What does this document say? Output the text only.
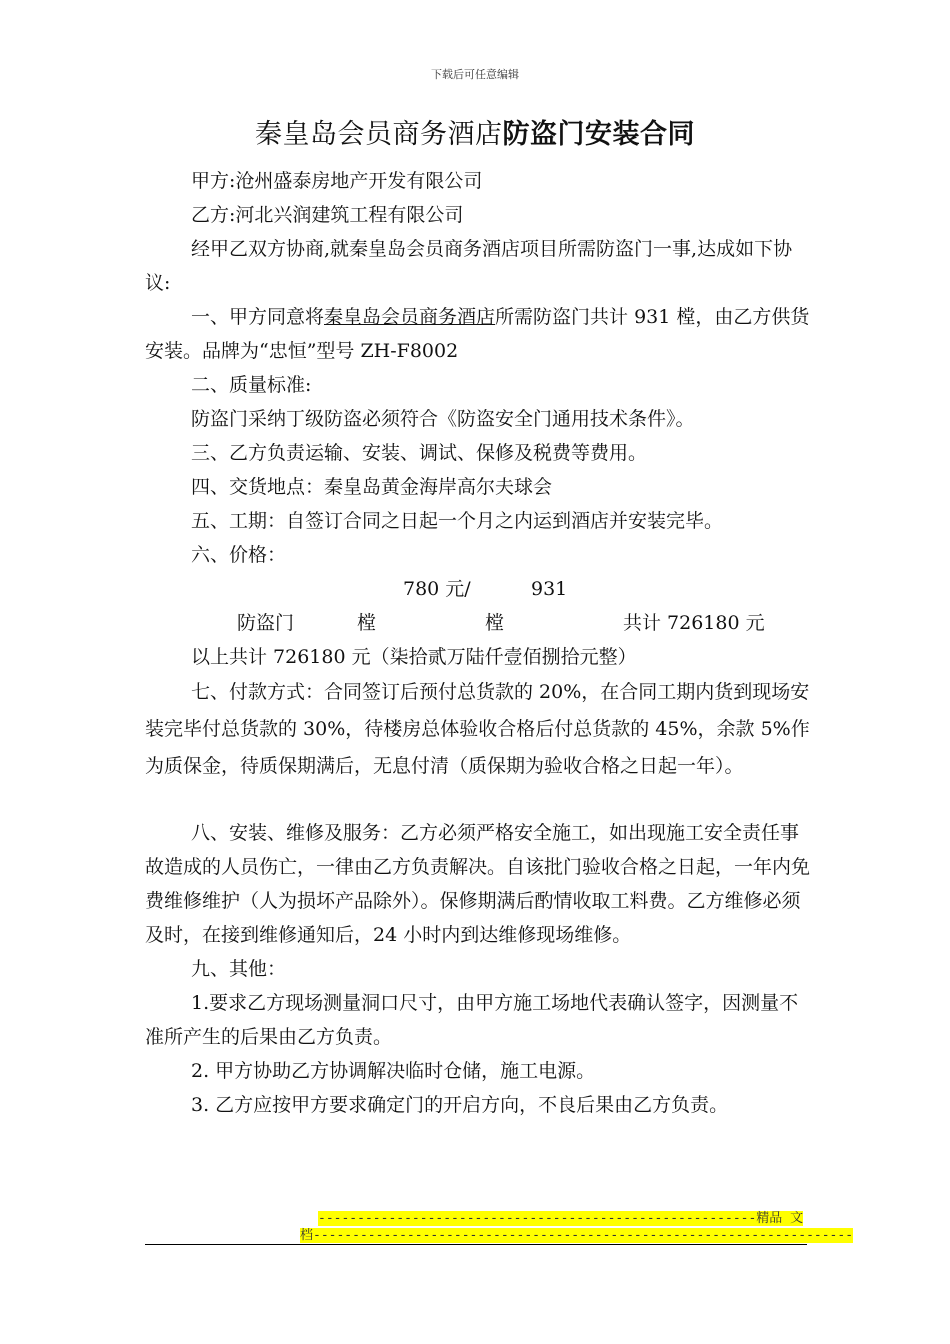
下载后可任意编辑
秦皇岛会员商务酒店防盗门安装合同

甲方:沧州盛泰房地产开发有限公司

乙方:河北兴润建筑工程有限公司

经甲乙双方协商,就秦皇岛会员商务酒店项目所需防盗门一事,达成如下协议:

一、甲方同意将秦皇岛会员商务酒店所需防盗门共计 931 樘，由乙方供货安装。品牌为“忠恒”型号 ZH-F8002

二、质量标准:

防盗门采纳丁级防盗必须符合《防盗安全门通用技术条件》。

三、乙方负责运输、安装、调试、保修及税费等费用。

四、交货地点：秦皇岛黄金海岸高尔夫球会

五、工期：自签订合同之日起一个月之内运到酒店并安装完毕。

六、价格：

防盗门780 元/樘931 樘	共计 726180 元

以上共计 726180 元（柒拾贰万陆仟壹佰捌拾元整）

七、付款方式：合同签订后预付总货款的 20%，在合同工期内货到现场安装完毕付总货款的 30%，待楼房总体验收合格后付总货款的 45%，余款 5%作为质保金，待质保期满后，无息付清（质保期为验收合格之日起一年）。

八、安装、维修及服务：乙方必须严格安全施工，如出现施工安全责任事故造成的人员伤亡，一律由乙方负责解决。自该批门验收合格之日起，一年内免费维修维护（人为损坏产品除外）。保修期满后酌情收取工料费。乙方维修必须及时，在接到维修通知后，24 小时内到达维修现场维修。

九、其他：

1.要求乙方现场测量洞口尺寸，由甲方施工场地代表确认签字，因测量不准所产生的后果由乙方负责。

2. 甲方协助乙方协调解决临时仓储，施工电源。

3. 乙方应按甲方要求确定门的开启方向，不良后果由乙方负责。

--------------------------------------------------------精品 文
档---------------------------------------------------------------------
